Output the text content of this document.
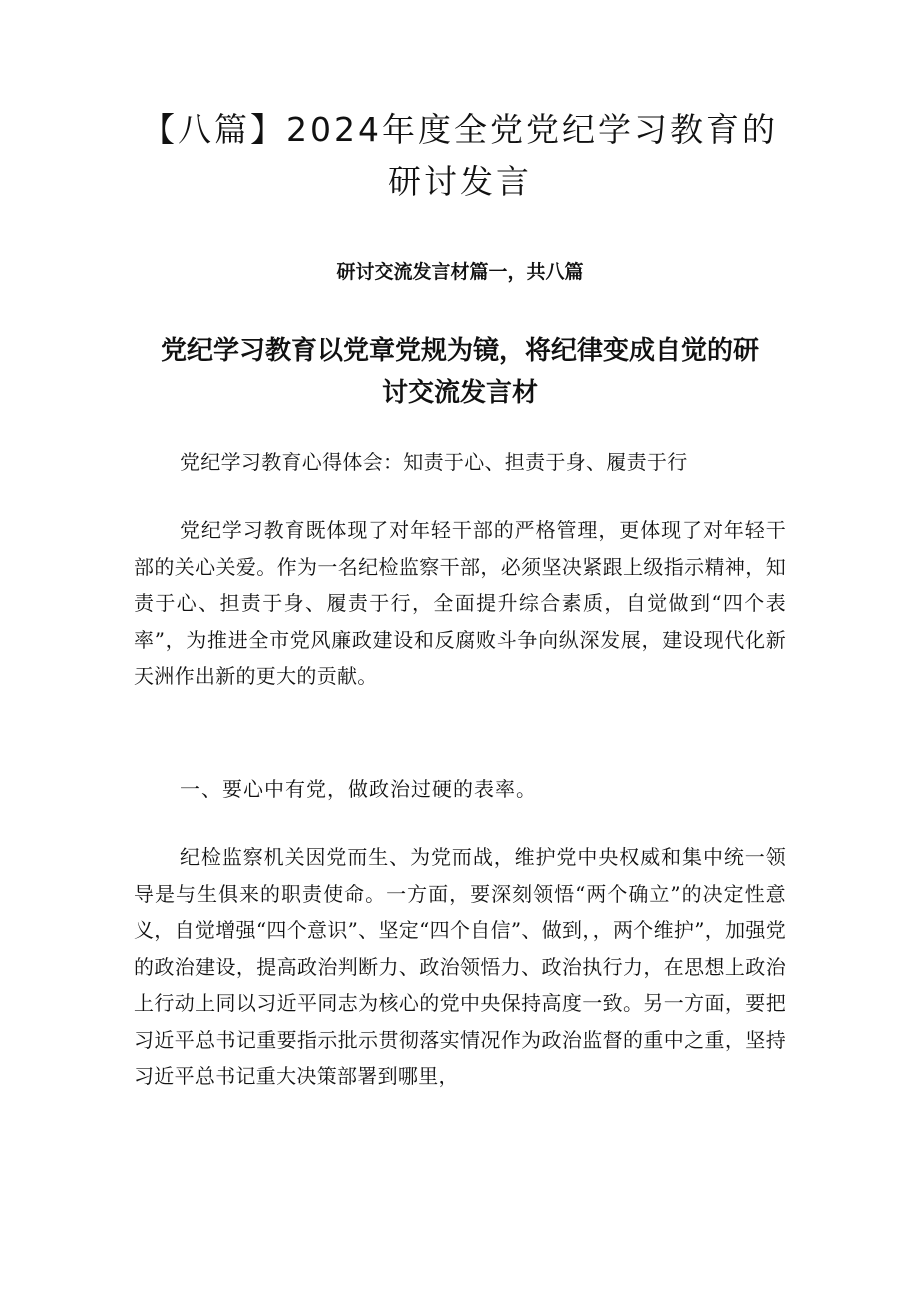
【八篇】2024年度全党党纪学习教育的研讨发言
研讨交流发言材篇一，共八篇
党纪学习教育以党章党规为镜，将纪律变成自觉的研讨交流发言材

党纪学习教育心得体会：知责于心、担责于身、履责于行

党纪学习教育既体现了对年轻干部的严格管理，更体现了对年轻干部的关心关爱。作为一名纪检监察干部，必须坚决紧跟上级指示精神，知责于心、担责于身、履责于行，全面提升综合素质，自觉做到“四个表率”，为推进全市党风廉政建设和反腐败斗争向纵深发展，建设现代化新天洲作出新的更大的贡献。

一、要心中有党，做政治过硬的表率。

纪检监察机关因党而生、为党而战，维护党中央权威和集中统一领导是与生俱来的职责使命。一方面，要深刻领悟“两个确立”的决定性意义，自觉增强“四个意识”、坚定“四个自信”、做到，，两个维护”，加强党的政治建设，提高政治判断力、政治领悟力、政治执行力，在思想上政治上行动上同以习近平同志为核心的党中央保持高度一致。另一方面，要把习近平总书记重要指示批示贯彻落实情况作为政治监督的重中之重，坚持习近平总书记重大决策部署到哪里，
